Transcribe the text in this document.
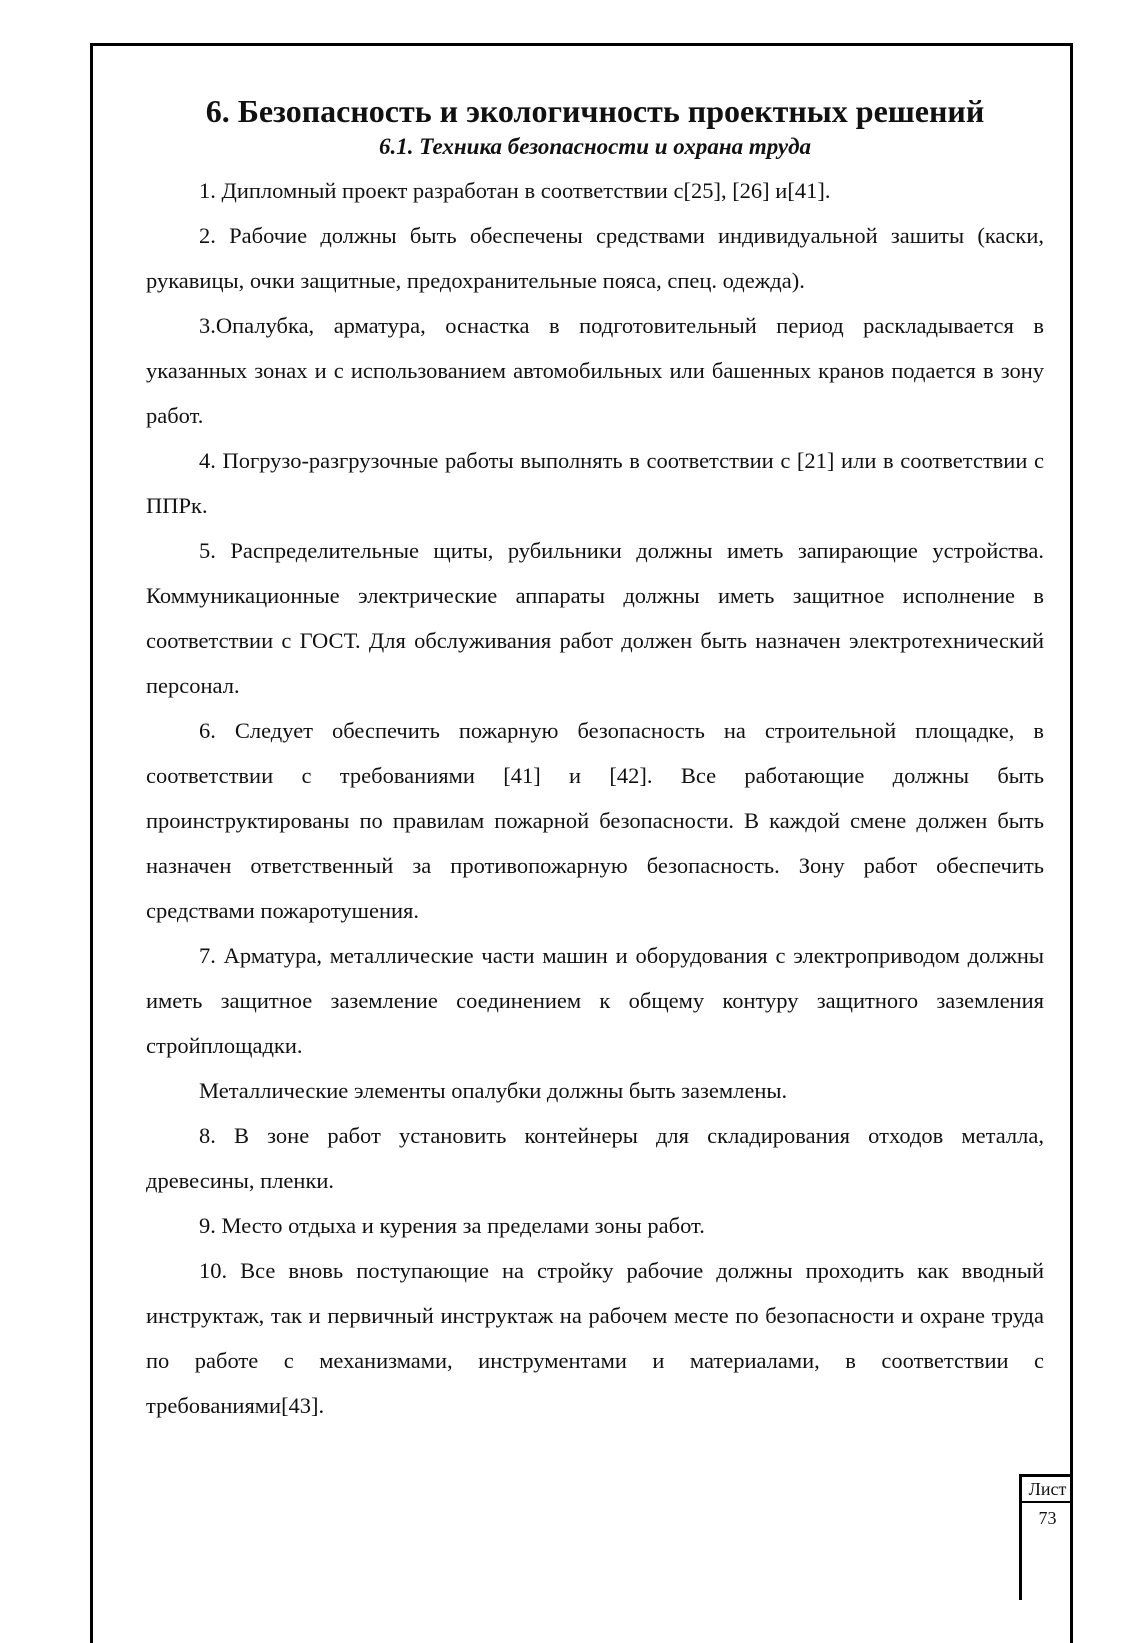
6. Безопасность и экологичность проектных решений
6.1. Техника безопасности и охрана труда

1. Дипломный проект разработан в соответствии с[25], [26] и[41].

2. Рабочие должны быть обеспечены средствами индивидуальной зашиты (каски, рукавицы, очки защитные, предохранительные пояса, спец. одежда).

3.Опалубка, арматура, оснастка в подготовительный период раскладывается в указанных зонах и с использованием автомобильных или башенных кранов подается в зону работ.

4. Погрузо-разгрузочные работы выполнять в соответствии с [21] или в соответствии с ППРк.

5. Распределительные щиты, рубильники должны иметь запирающие устройства. Коммуникационные электрические аппараты должны иметь защитное исполнение в соответствии с ГОСТ. Для обслуживания работ должен быть назначен электротехнический персонал.

6. Следует обеспечить пожарную безопасность на строительной площадке, в соответствии с требованиями [41] и [42]. Все работающие должны быть проинструктированы по правилам пожарной безопасности. В каждой смене должен быть назначен ответственный за противопожарную безопасность. Зону работ обеспечить средствами пожаротушения.

7. Арматура, металлические части машин и оборудования с электроприводом должны иметь защитное заземление соединением к общему контуру защитного заземления стройплощадки.

Металлические элементы опалубки должны быть заземлены.

8. В зоне работ установить контейнеры для складирования отходов металла, древесины, пленки.

9. Место отдыха и курения за пределами зоны работ.

10. Все вновь поступающие на стройку рабочие должны проходить как вводный инструктаж, так и первичный инструктаж на рабочем месте по безопасности и охране труда по работе с механизмами, инструментами и материалами, в соответствии с требованиями[43].

Лист
73
